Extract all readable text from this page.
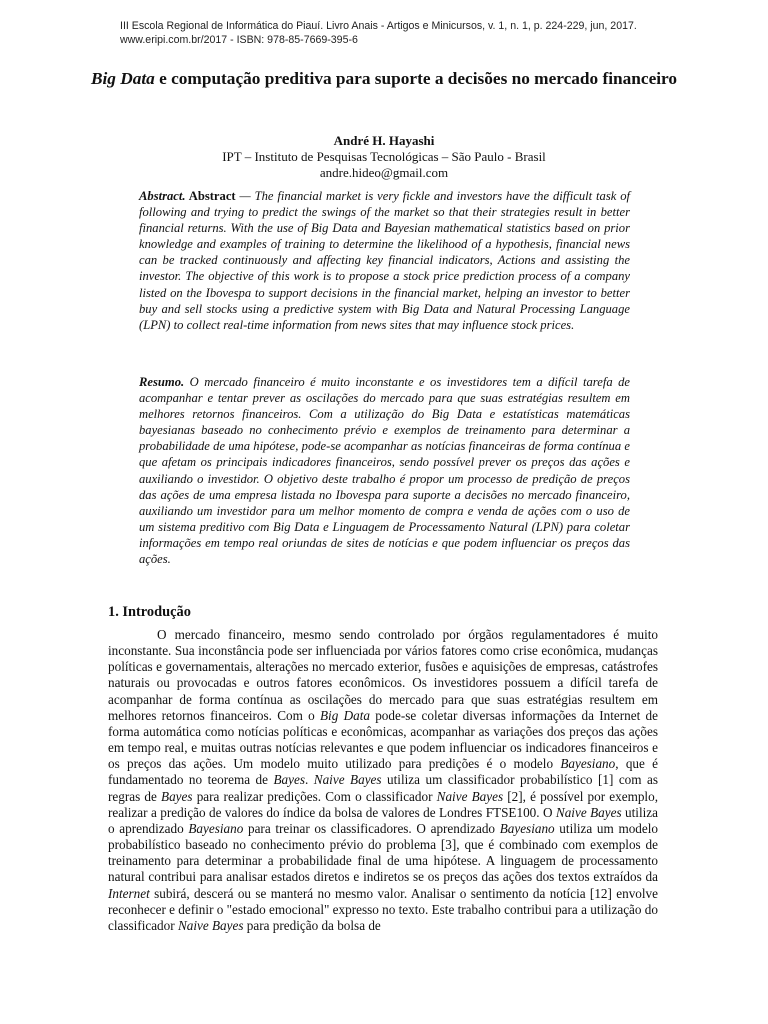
III Escola Regional de Informática do Piauí. Livro Anais - Artigos e Minicursos, v. 1, n. 1, p. 224-229, jun, 2017.
www.eripi.com.br/2017 - ISBN: 978-85-7669-395-6
Big Data e computação preditiva para suporte a decisões no mercado financeiro
André H. Hayashi
IPT – Instituto de Pesquisas Tecnológicas – São Paulo - Brasil
andre.hideo@gmail.com
Abstract. Abstract — The financial market is very fickle and investors have the difficult task of following and trying to predict the swings of the market so that their strategies result in better financial returns. With the use of Big Data and Bayesian mathematical statistics based on prior knowledge and examples of training to determine the likelihood of a hypothesis, financial news can be tracked continuously and affecting key financial indicators, Actions and assisting the investor. The objective of this work is to propose a stock price prediction process of a company listed on the Ibovespa to support decisions in the financial market, helping an investor to better buy and sell stocks using a predictive system with Big Data and Natural Processing Language (LPN) to collect real-time information from news sites that may influence stock prices.
Resumo. O mercado financeiro é muito inconstante e os investidores tem a difícil tarefa de acompanhar e tentar prever as oscilações do mercado para que suas estratégias resultem em melhores retornos financeiros. Com a utilização do Big Data e estatísticas matemáticas bayesianas baseado no conhecimento prévio e exemplos de treinamento para determinar a probabilidade de uma hipótese, pode-se acompanhar as notícias financeiras de forma contínua e que afetam os principais indicadores financeiros, sendo possível prever os preços das ações e auxiliando o investidor. O objetivo deste trabalho é propor um processo de predição de preços das ações de uma empresa listada no Ibovespa para suporte a decisões no mercado financeiro, auxiliando um investidor para um melhor momento de compra e venda de ações com o uso de um sistema preditivo com Big Data e Linguagem de Processamento Natural (LPN) para coletar informações em tempo real oriundas de sites de notícias e que podem influenciar os preços das ações.
1. Introdução
O mercado financeiro, mesmo sendo controlado por órgãos regulamentadores é muito inconstante. Sua inconstância pode ser influenciada por vários fatores como crise econômica, mudanças políticas e governamentais, alterações no mercado exterior, fusões e aquisições de empresas, catástrofes naturais ou provocadas e outros fatores econômicos. Os investidores possuem a difícil tarefa de acompanhar de forma contínua as oscilações do mercado para que suas estratégias resultem em melhores retornos financeiros. Com o Big Data pode-se coletar diversas informações da Internet de forma automática como notícias políticas e econômicas, acompanhar as variações dos preços das ações em tempo real, e muitas outras notícias relevantes e que podem influenciar os indicadores financeiros e os preços das ações. Um modelo muito utilizado para predições é o modelo Bayesiano, que é fundamentado no teorema de Bayes. Naive Bayes utiliza um classificador probabilístico [1] com as regras de Bayes para realizar predições. Com o classificador Naive Bayes [2], é possível por exemplo, realizar a predição de valores do índice da bolsa de valores de Londres FTSE100. O Naive Bayes utiliza o aprendizado Bayesiano para treinar os classificadores. O aprendizado Bayesiano utiliza um modelo probabilístico baseado no conhecimento prévio do problema [3], que é combinado com exemplos de treinamento para determinar a probabilidade final de uma hipótese. A linguagem de processamento natural contribui para analisar estados diretos e indiretos se os preços das ações dos textos extraídos da Internet subirá, descerá ou se manterá no mesmo valor. Analisar o sentimento da notícia [12] envolve reconhecer e definir o "estado emocional" expresso no texto. Este trabalho contribui para a utilização do classificador Naive Bayes para predição da bolsa de
